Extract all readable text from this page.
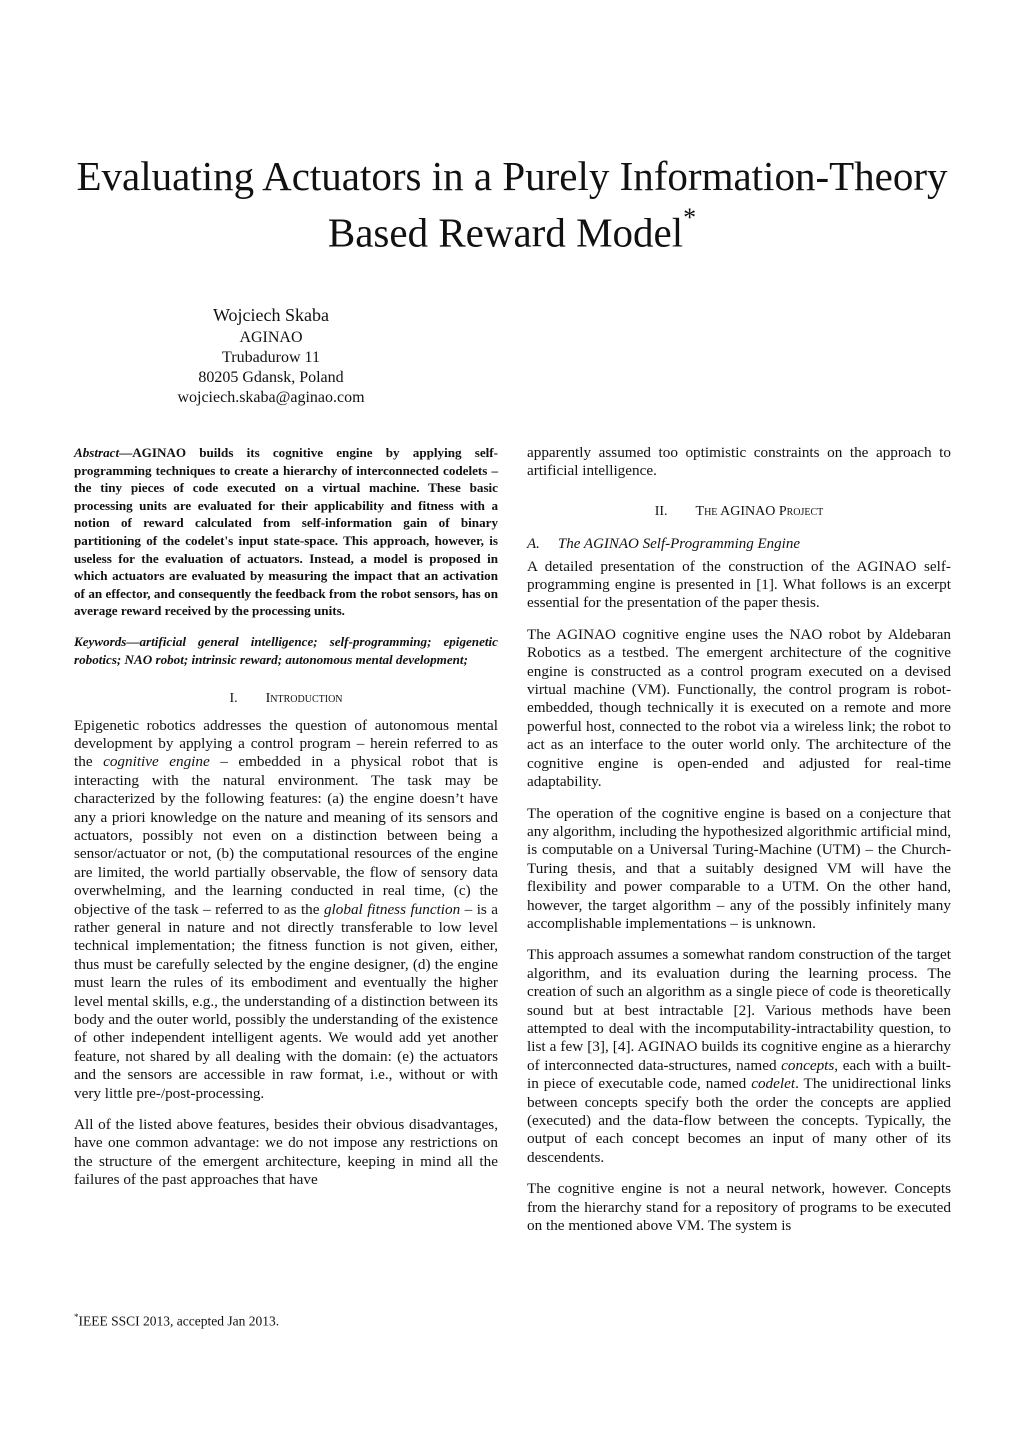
Evaluating Actuators in a Purely Information-Theory
Based Reward Model*
Wojciech Skaba
AGINAO
Trubadurow 11
80205 Gdansk, Poland
wojciech.skaba@aginao.com

Abstract—AGINAO builds its cognitive engine by applying self-programming techniques to create a hierarchy of interconnected codelets – the tiny pieces of code executed on a virtual machine. These basic processing units are evaluated for their applicability and fitness with a notion of reward calculated from self-information gain of binary partitioning of the codelet's input state-space. This approach, however, is useless for the evaluation of actuators. Instead, a model is proposed in which actuators are evaluated by measuring the impact that an activation of an effector, and consequently the feedback from the robot sensors, has on average reward received by the processing units.

Keywords—artificial general intelligence; self-programming; epigenetic robotics; NAO robot; intrinsic reward; autonomous mental development;

I. Introduction

Epigenetic robotics addresses the question of autonomous mental development by applying a control program – herein referred to as the cognitive engine – embedded in a physical robot that is interacting with the natural environment. The task may be characterized by the following features: (a) the engine doesn’t have any a priori knowledge on the nature and meaning of its sensors and actuators, possibly not even on a distinction between being a sensor/actuator or not, (b) the computational resources of the engine are limited, the world partially observable, the flow of sensory data overwhelming, and the learning conducted in real time, (c) the objective of the task – referred to as the global fitness function – is a rather general in nature and not directly transferable to low level technical implementation; the fitness function is not given, either, thus must be carefully selected by the engine designer, (d) the engine must learn the rules of its embodiment and eventually the higher level mental skills, e.g., the understanding of a distinction between its body and the outer world, possibly the understanding of the existence of other independent intelligent agents. We would add yet another feature, not shared by all dealing with the domain: (e) the actuators and the sensors are accessible in raw format, i.e., without or with very little pre-/post-processing.

All of the listed above features, besides their obvious disadvantages, have one common advantage: we do not impose any restrictions on the structure of the emergent architecture, keeping in mind all the failures of the past approaches that have

apparently assumed too optimistic constraints on the approach to artificial intelligence.

II. The AGINAO Project
A. The AGINAO Self-Programming Engine

A detailed presentation of the construction of the AGINAO self-programming engine is presented in [1]. What follows is an excerpt essential for the presentation of the paper thesis.

The AGINAO cognitive engine uses the NAO robot by Aldebaran Robotics as a testbed. The emergent architecture of the cognitive engine is constructed as a control program executed on a devised virtual machine (VM). Functionally, the control program is robot-embedded, though technically it is executed on a remote and more powerful host, connected to the robot via a wireless link; the robot to act as an interface to the outer world only. The architecture of the cognitive engine is open-ended and adjusted for real-time adaptability.

The operation of the cognitive engine is based on a conjecture that any algorithm, including the hypothesized algorithmic artificial mind, is computable on a Universal Turing-Machine (UTM) – the Church-Turing thesis, and that a suitably designed VM will have the flexibility and power comparable to a UTM. On the other hand, however, the target algorithm – any of the possibly infinitely many accomplishable implementations – is unknown.

This approach assumes a somewhat random construction of the target algorithm, and its evaluation during the learning process. The creation of such an algorithm as a single piece of code is theoretically sound but at best intractable [2]. Various methods have been attempted to deal with the incomputability-intractability question, to list a few [3], [4]. AGINAO builds its cognitive engine as a hierarchy of interconnected data-structures, named concepts, each with a built-in piece of executable code, named codelet. The unidirectional links between concepts specify both the order the concepts are applied (executed) and the data-flow between the concepts. Typically, the output of each concept becomes an input of many other of its descendents.

The cognitive engine is not a neural network, however. Concepts from the hierarchy stand for a repository of programs to be executed on the mentioned above VM. The system is

*IEEE SSCI 2013, accepted Jan 2013.
